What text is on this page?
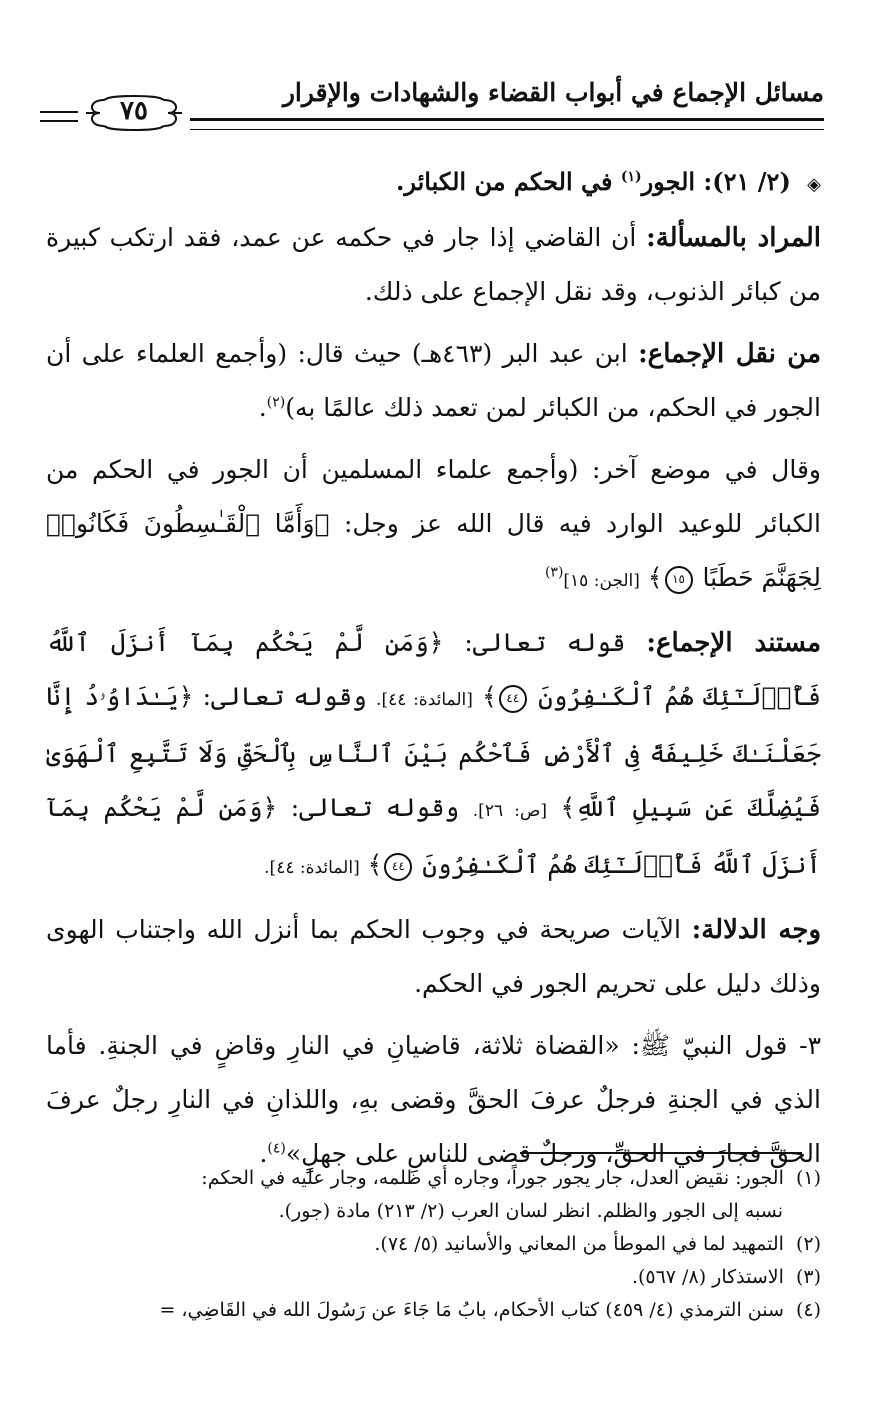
مسائل الإجماع في أبواب القضاء والشهادات والإقرار
٧٥
◈ (٢/ ٢١): الجور$^{(١)}$ في الحكم من الكبائر.

المراد بالمسألة: أن القاضي إذا جار في حكمه عن عمد، فقد ارتكب كبيرة من كبائر الذنوب، وقد نقل الإجماع على ذلك.

من نقل الإجماع: ابن عبد البر (٤٦٣هـ) حيث قال: (وأجمع العلماء على أن الجور في الحكم، من الكبائر لمن تعمد ذلك عالمًا به)$^{(٢)}$.

وقال في موضع آخر: (وأجمع علماء المسلمين أن الجور في الحكم من الكبائر للوعيد الوارد فيه قال الله عز وجل: ﴿وَأَمَّا ٱلْقَـٰسِطُونَ فَكَانُوا۟ لِجَهَنَّمَ حَطَبًا ١٥﴾ [الجن: ١٥]$^{(٣)}$

مستند الإجماع: قوله تعالى: ﴿وَمَن لَّمْ يَحْكُم بِمَآ أَنزَلَ ٱللَّهُ فَأُو۟لَـٰٓئِكَ هُمُ ٱلْكَـٰفِرُونَ ٤٤﴾ [المائدة: ٤٤]. وقوله تعالى: ﴿يَـٰدَاوُۥدُ إِنَّا جَعَلْنَـٰكَ خَلِيفَةً فِى ٱلْأَرْضِ فَٱحْكُم بَيْنَ ٱلنَّاسِ بِٱلْحَقِّ وَلَا تَتَّبِعِ ٱلْهَوَىٰ فَيُضِلَّكَ عَن سَبِيلِ ٱللَّهِ﴾ [ص: ٢٦]. وقوله تعالى: ﴿وَمَن لَّمْ يَحْكُم بِمَآ أَنزَلَ ٱللَّهُ فَأُو۟لَـٰٓئِكَ هُمُ ٱلْكَـٰفِرُونَ ٤٤﴾ [المائدة: ٤٤].

وجه الدلالة: الآيات صريحة في وجوب الحكم بما أنزل الله واجتناب الهوى وذلك دليل على تحريم الجور في الحكم.

٣- قول النبيّ ﷺ: «القضاة ثلاثة، قاضيانِ في النارِ وقاضٍ في الجنةِ. فأما الذي في الجنةِ فرجلٌ عرفَ الحقَّ وقضى بهِ، واللذانِ في النارِ رجلٌ عرفَ الحقَّ فجارَ في الحقِّ، ورجلٌ قضى للناسِ على جهلٍ»$^{(٤)}$.

(١) الجور: نقيض العدل، جار يجور جوراً، وجاره أي ظلمه، وجار عليه في الحكم:

نسبه إلى الجور والظلم. انظر لسان العرب (٢/ ٢١٣) مادة (جور).

(٢) التمهيد لما في الموطأ من المعاني والأسانيد (٥/ ٧٤).

(٣) الاستذكار (٨/ ٥٦٧).

(٤) سنن الترمذي (٤/ ٤٥٩) كتاب الأحكام، بابُ مَا جَاءَ عن رَسُولَ الله في القَاضِي، =
